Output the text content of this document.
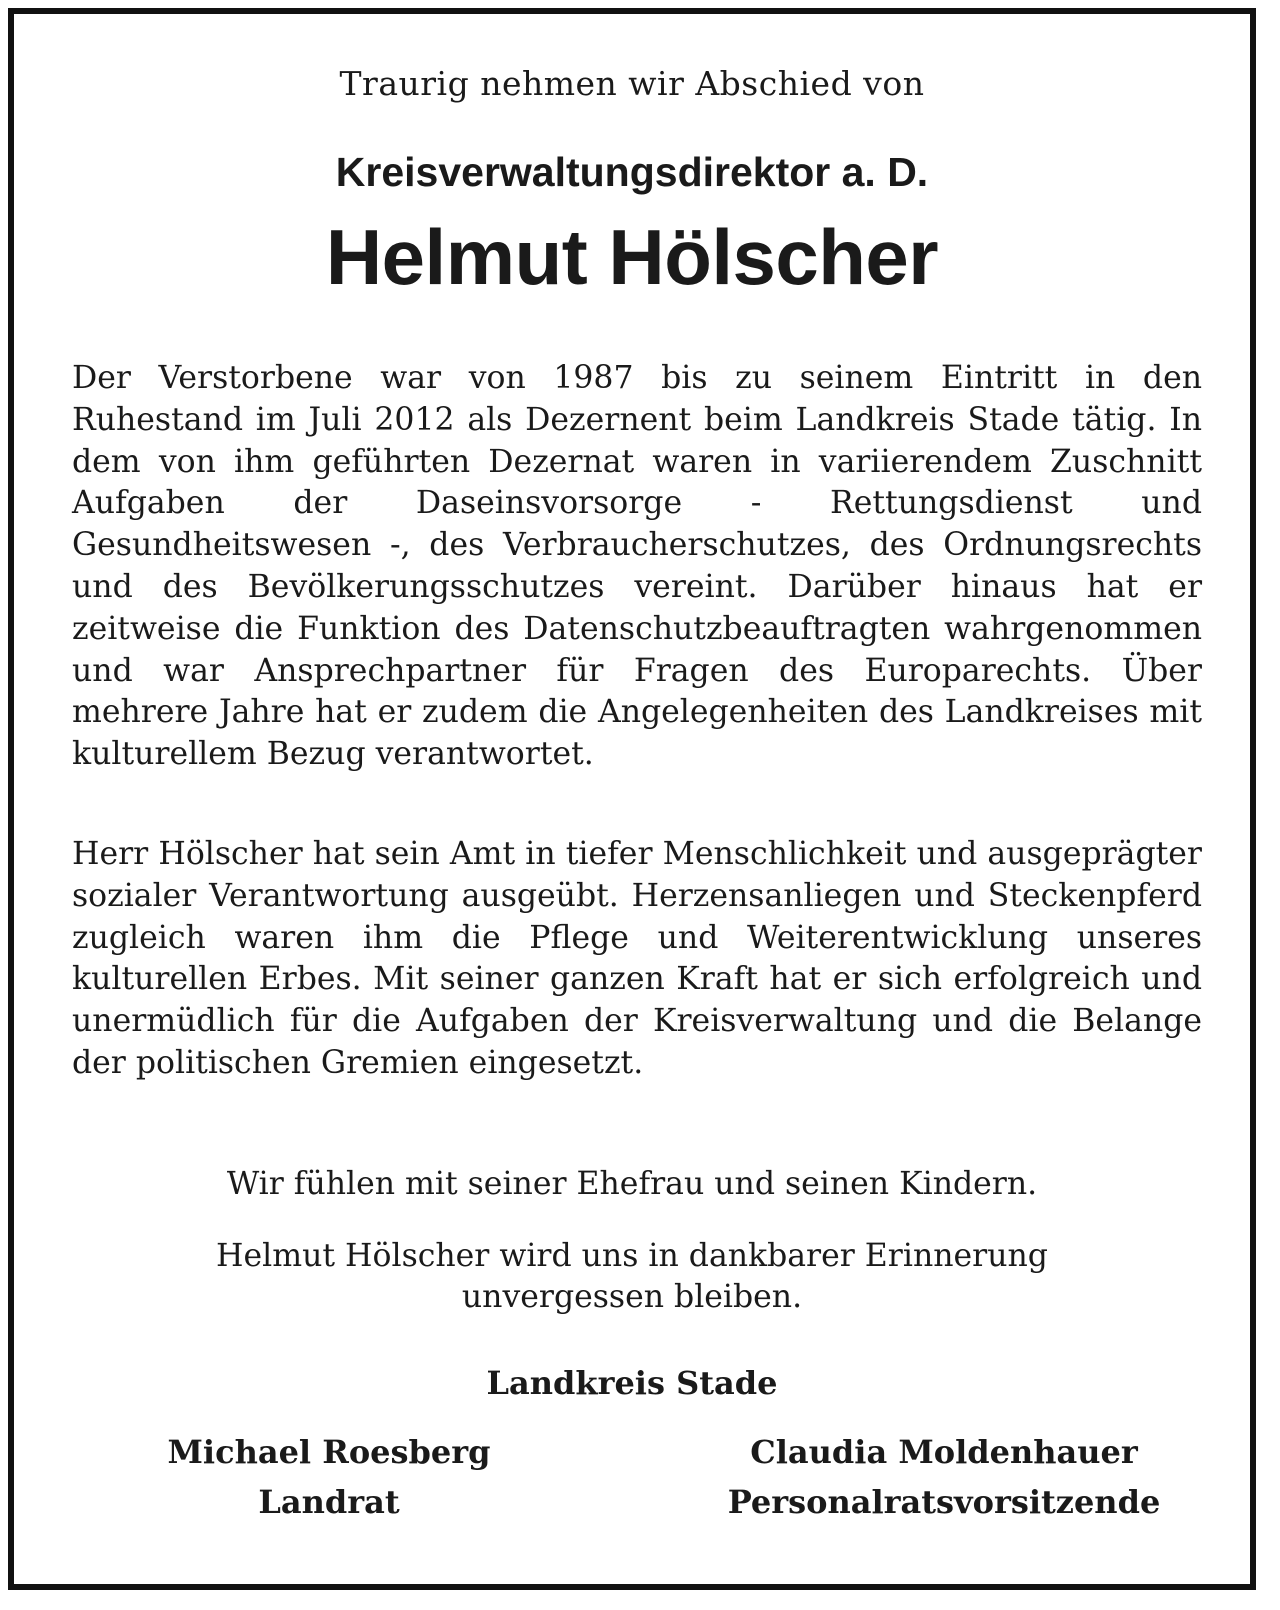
Traurig nehmen wir Abschied von
Kreisverwaltungsdirektor a. D.
Helmut Hölscher

Der Verstorbene war von 1987 bis zu seinem Eintritt in den Ruhestand im Juli 2012 als Dezernent beim Landkreis Stade tätig. In dem von ihm geführten Dezernat waren in variierendem Zuschnitt Aufgaben der Daseinsvorsorge - Rettungsdienst und Gesundheitswesen -, des Verbraucherschutzes, des Ordnungsrechts und des Bevölkerungsschutzes vereint. Darüber hinaus hat er zeitweise die Funktion des Datenschutzbeauftragten wahrgenommen und war Ansprechpartner für Fragen des Europarechts. Über mehrere Jahre hat er zudem die Angelegenheiten des Landkreises mit kulturellem Bezug verantwortet.

Herr Hölscher hat sein Amt in tiefer Menschlichkeit und ausgeprägter sozialer Verantwortung ausgeübt. Herzensanliegen und Steckenpferd zugleich waren ihm die Pflege und Weiterentwicklung unseres kulturellen Erbes. Mit seiner ganzen Kraft hat er sich erfolgreich und unermüdlich für die Aufgaben der Kreisverwaltung und die Belange der politischen Gremien eingesetzt.

Wir fühlen mit seiner Ehefrau und seinen Kindern.
Helmut Hölscher wird uns in dankbarer Erinnerung
unvergessen bleiben.
Landkreis Stade
Michael Roesberg
Landrat
Claudia Moldenhauer
Personalratsvorsitzende
